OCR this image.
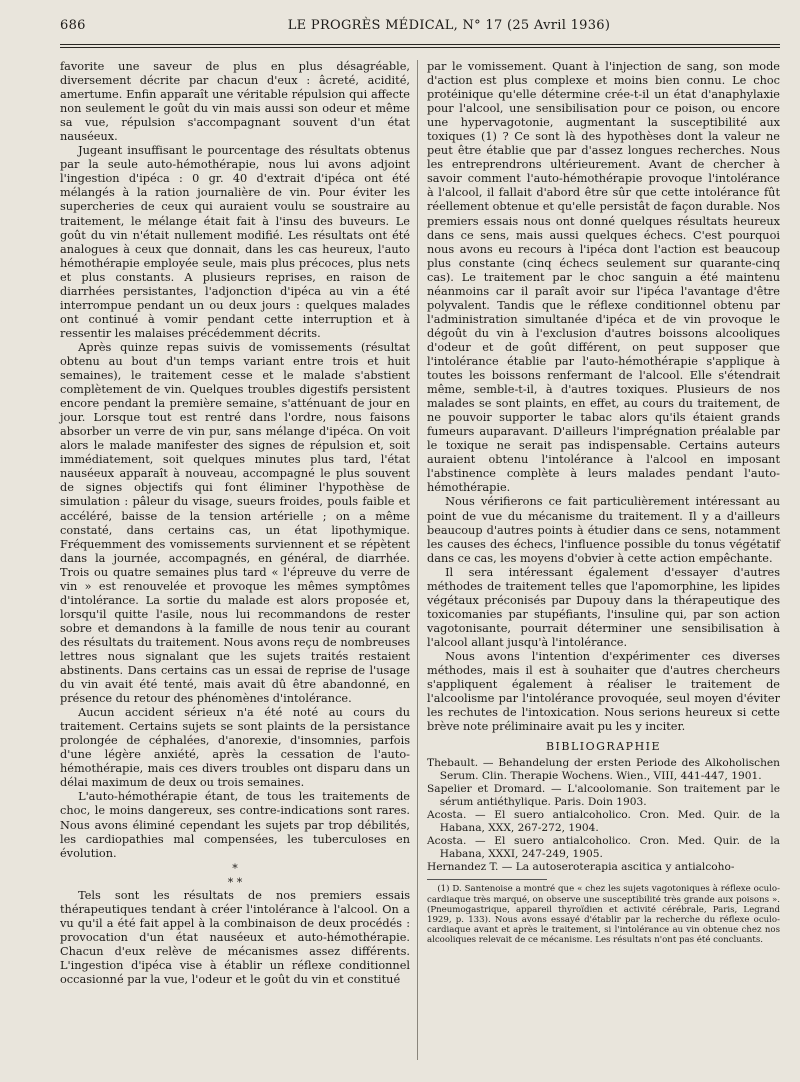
686	LE PROGRÈS MÉDICAL, N° 17 (25 Avril 1936)

favorite une saveur de plus en plus désagréable, diversement décrite par chacun d'eux : âcreté, acidité, amertume. Enfin apparaît une véritable répulsion qui affecte non seulement le goût du vin mais aussi son odeur et même sa vue, répulsion s'accompagnant souvent d'un état nauséeux.

Jugeant insuffisant le pourcentage des résultats obtenus par la seule auto-hémothérapie, nous lui avons adjoint l'ingestion d'ipéca : 0 gr. 40 d'extrait d'ipéca ont été mélangés à la ration journalière de vin. Pour éviter les supercheries de ceux qui auraient voulu se soustraire au traitement, le mélange était fait à l'insu des buveurs. Le goût du vin n'était nullement modifié. Les résultats ont été analogues à ceux que donnait, dans les cas heureux, l'auto hémothérapie employée seule, mais plus précoces, plus nets et plus constants. A plusieurs reprises, en raison de diarrhées persistantes, l'adjonction d'ipéca au vin a été interrompue pendant un ou deux jours : quelques malades ont continué à vomir pendant cette interruption et à ressentir les malaises précédemment décrits.

Après quinze repas suivis de vomissements (résultat obtenu au bout d'un temps variant entre trois et huit semaines), le traitement cesse et le malade s'abstient complètement de vin. Quelques troubles digestifs persistent encore pendant la première semaine, s'atténuant de jour en jour. Lorsque tout est rentré dans l'ordre, nous faisons absorber un verre de vin pur, sans mélange d'ipéca. On voit alors le malade manifester des signes de répulsion et, soit immédiatement, soit quelques minutes plus tard, l'état nauséeux apparaît à nouveau, accompagné le plus souvent de signes objectifs qui font éliminer l'hypothèse de simulation : pâleur du visage, sueurs froides, pouls faible et accéléré, baisse de la tension artérielle ; on a même constaté, dans certains cas, un état lipothymique. Fréquemment des vomissements surviennent et se répètent dans la journée, accompagnés, en général, de diarrhée. Trois ou quatre semaines plus tard « l'épreuve du verre de vin » est renouvelée et provoque les mêmes symptômes d'intolérance. La sortie du malade est alors proposée et, lorsqu'il quitte l'asile, nous lui recommandons de rester sobre et demandons à la famille de nous tenir au courant des résultats du traitement. Nous avons reçu de nombreuses lettres nous signalant que les sujets traités restaient abstinents. Dans certains cas un essai de reprise de l'usage du vin avait été tenté, mais avait dû être abandonné, en présence du retour des phénomènes d'intolérance.

Aucun accident sérieux n'a été noté au cours du traitement. Certains sujets se sont plaints de la persistance prolongée de céphalées, d'anorexie, d'insomnies, parfois d'une légère anxiété, après la cessation de l'auto-hémothérapie, mais ces divers troubles ont disparu dans un délai maximum de deux ou trois semaines.

L'auto-hémothérapie étant, de tous les traitements de choc, le moins dangereux, ses contre-indications sont rares. Nous avons éliminé cependant les sujets par trop débilités, les cardiopathies mal compensées, les tuberculoses en évolution.

*
* *

Tels sont les résultats de nos premiers essais thérapeutiques tendant à créer l'intolérance à l'alcool. On a vu qu'il a été fait appel à la combinaison de deux procédés : provocation d'un état nauséeux et auto-hémothérapie. Chacun d'eux relève de mécanismes assez différents. L'ingestion d'ipéca vise à établir un réflexe conditionnel occasionné par la vue, l'odeur et le goût du vin et constitué

par le vomissement. Quant à l'injection de sang, son mode d'action est plus complexe et moins bien connu. Le choc protéinique qu'elle détermine crée-t-il un état d'anaphylaxie pour l'alcool, une sensibilisation pour ce poison, ou encore une hypervagotonie, augmentant la susceptibilité aux toxiques (1) ? Ce sont là des hypothèses dont la valeur ne peut être établie que par d'assez longues recherches. Nous les entreprendrons ultérieurement. Avant de chercher à savoir comment l'auto-hémothérapie provoque l'intolérance à l'alcool, il fallait d'abord être sûr que cette intolérance fût réellement obtenue et qu'elle persistât de façon durable. Nos premiers essais nous ont donné quelques résultats heureux dans ce sens, mais aussi quelques échecs. C'est pourquoi nous avons eu recours à l'ipéca dont l'action est beaucoup plus constante (cinq échecs seulement sur quarante-cinq cas). Le traitement par le choc sanguin a été maintenu néanmoins car il paraît avoir sur l'ipéca l'avantage d'être polyvalent. Tandis que le réflexe conditionnel obtenu par l'administration simultanée d'ipéca et de vin provoque le dégoût du vin à l'exclusion d'autres boissons alcooliques d'odeur et de goût différent, on peut supposer que l'intolérance établie par l'auto-hémothérapie s'applique à toutes les boissons renfermant de l'alcool. Elle s'étendrait même, semble-t-il, à d'autres toxiques. Plusieurs de nos malades se sont plaints, en effet, au cours du traitement, de ne pouvoir supporter le tabac alors qu'ils étaient grands fumeurs auparavant. D'ailleurs l'imprégnation préalable par le toxique ne serait pas indispensable. Certains auteurs auraient obtenu l'intolérance à l'alcool en imposant l'abstinence complète à leurs malades pendant l'auto-hémothérapie.

Nous vérifierons ce fait particulièrement intéressant au point de vue du mécanisme du traitement. Il y a d'ailleurs beaucoup d'autres points à étudier dans ce sens, notamment les causes des échecs, l'influence possible du tonus végétatif dans ce cas, les moyens d'obvier à cette action empêchante.

Il sera intéressant également d'essayer d'autres méthodes de traitement telles que l'apomorphine, les lipides végétaux préconisés par Dupouy dans la thérapeutique des toxicomanies par stupéfiants, l'insuline qui, par son action vagotonisante, pourrait déterminer une sensibilisation à l'alcool allant jusqu'à l'intolérance.

Nous avons l'intention d'expérimenter ces diverses méthodes, mais il est à souhaiter que d'autres chercheurs s'appliquent également à réaliser le traitement de l'alcoolisme par l'intolérance provoquée, seul moyen d'éviter les rechutes de l'intoxication. Nous serions heureux si cette brève note préliminaire avait pu les y inciter.

BIBLIOGRAPHIE

Thebault. — Behandelung der ersten Periode des Alkoholischen Serum. Clin. Therapie Wochens. Wien., VIII, 441-447, 1901.

Sapelier et Dromard. — L'alcoolomanie. Son traitement par le sérum antiéthylique. Paris. Doin 1903.

Acosta. — El suero antialcoholico. Cron. Med. Quir. de la Habana, XXX, 267-272, 1904.

Acosta. — El suero antialcoholico. Cron. Med. Quir. de la Habana, XXXI, 247-249, 1905.

Hernandez T. — La autoseroterapia ascitica y antialcoho-

(1) D. Santenoise a montré que « chez les sujets vagotoniques à réflexe oculo-cardiaque très marqué, on observe une susceptibilité très grande aux poisons ». (Pneumogastrique, appareil thyroïdien et activité cérébrale, Paris, Legrand 1929, p. 133). Nous avons essayé d'établir par la recherche du réflexe oculo-cardiaque avant et après le traitement, si l'intolérance au vin obtenue chez nos alcooliques relevait de ce mécanisme. Les résultats n'ont pas été concluants.
